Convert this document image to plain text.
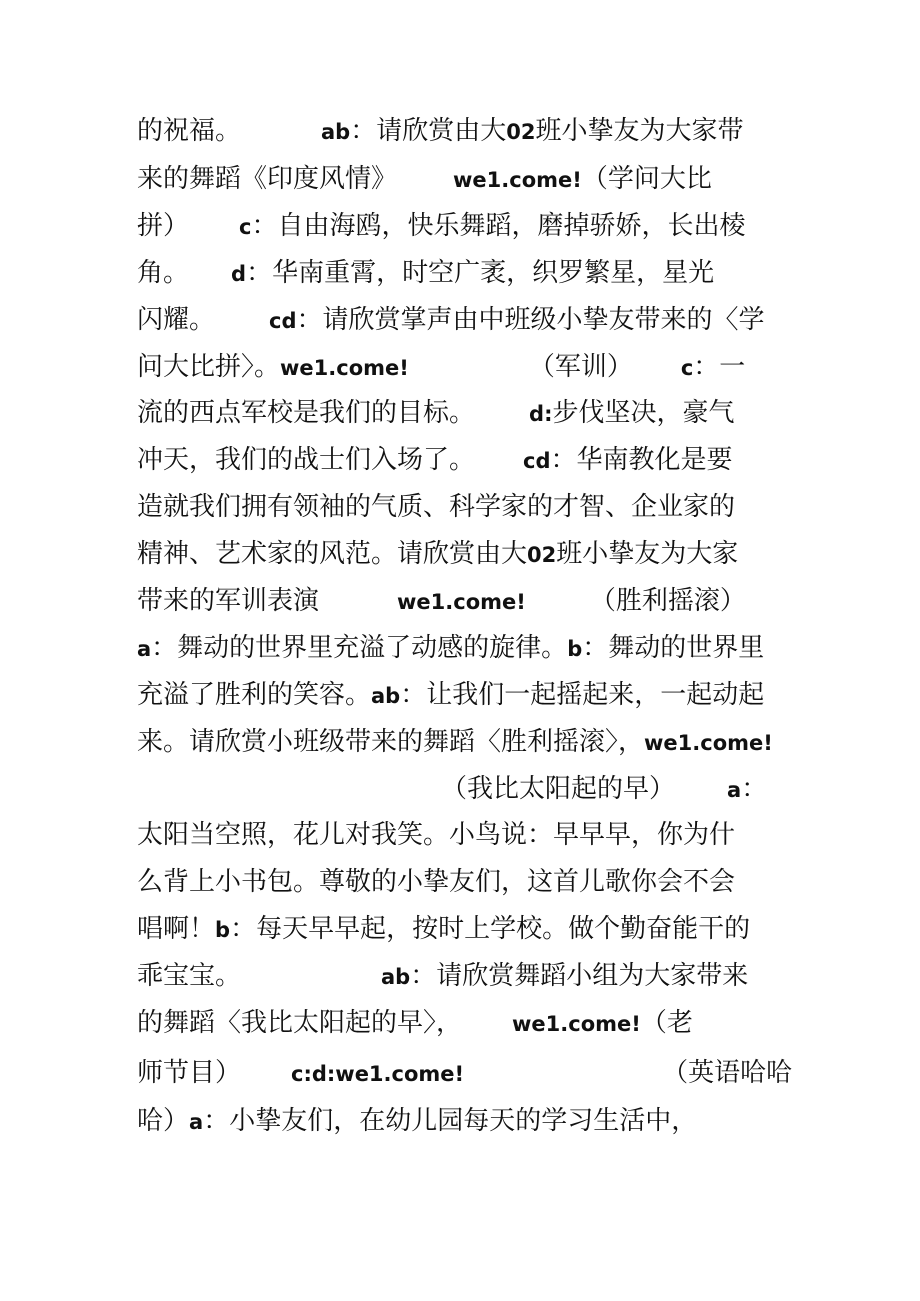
的祝福。	ab：请欣赏由大02班小挚友为大家带
来的舞蹈《印度风情》	we1.come!（学问大比
拼） c：自由海鸥，快乐舞蹈，磨掉骄娇，长出棱
角。 d：华南重霄，时空广袤，织罗繁星，星光
闪耀。	cd：请欣赏掌声由中班级小挚友带来的〈学
问大比拼〉。we1.come!	（军训） c：一
流的西点军校是我们的目标。	d:步伐坚决，豪气
冲天，我们的战士们入场了。 cd：华南教化是要
造就我们拥有领袖的气质、科学家的才智、企业家的
精神、艺术家的风范。请欣赏由大02班小挚友为大家
带来的军训表演	we1.come! （胜利摇滚）
a：舞动的世界里充溢了动感的旋律。b：舞动的世界里
充溢了胜利的笑容。ab：让我们一起摇起来，一起动起
来。请欣赏小班级带来的舞蹈〈胜利摇滚〉，we1.come!
（我比太阳起的早） a：
太阳当空照，花儿对我笑。小鸟说：早早早，你为什
么背上小书包。尊敬的小挚友们，这首儿歌你会不会
唱啊！b：每天早早起，按时上学校。做个勤奋能干的
乖宝宝。	ab：请欣赏舞蹈小组为大家带来
的舞蹈〈我比太阳起的早〉， we1.come!（老
师节目） c:d:we1.come!	（英语哈哈
哈）a：小挚友们，在幼儿园每天的学习生活中，
